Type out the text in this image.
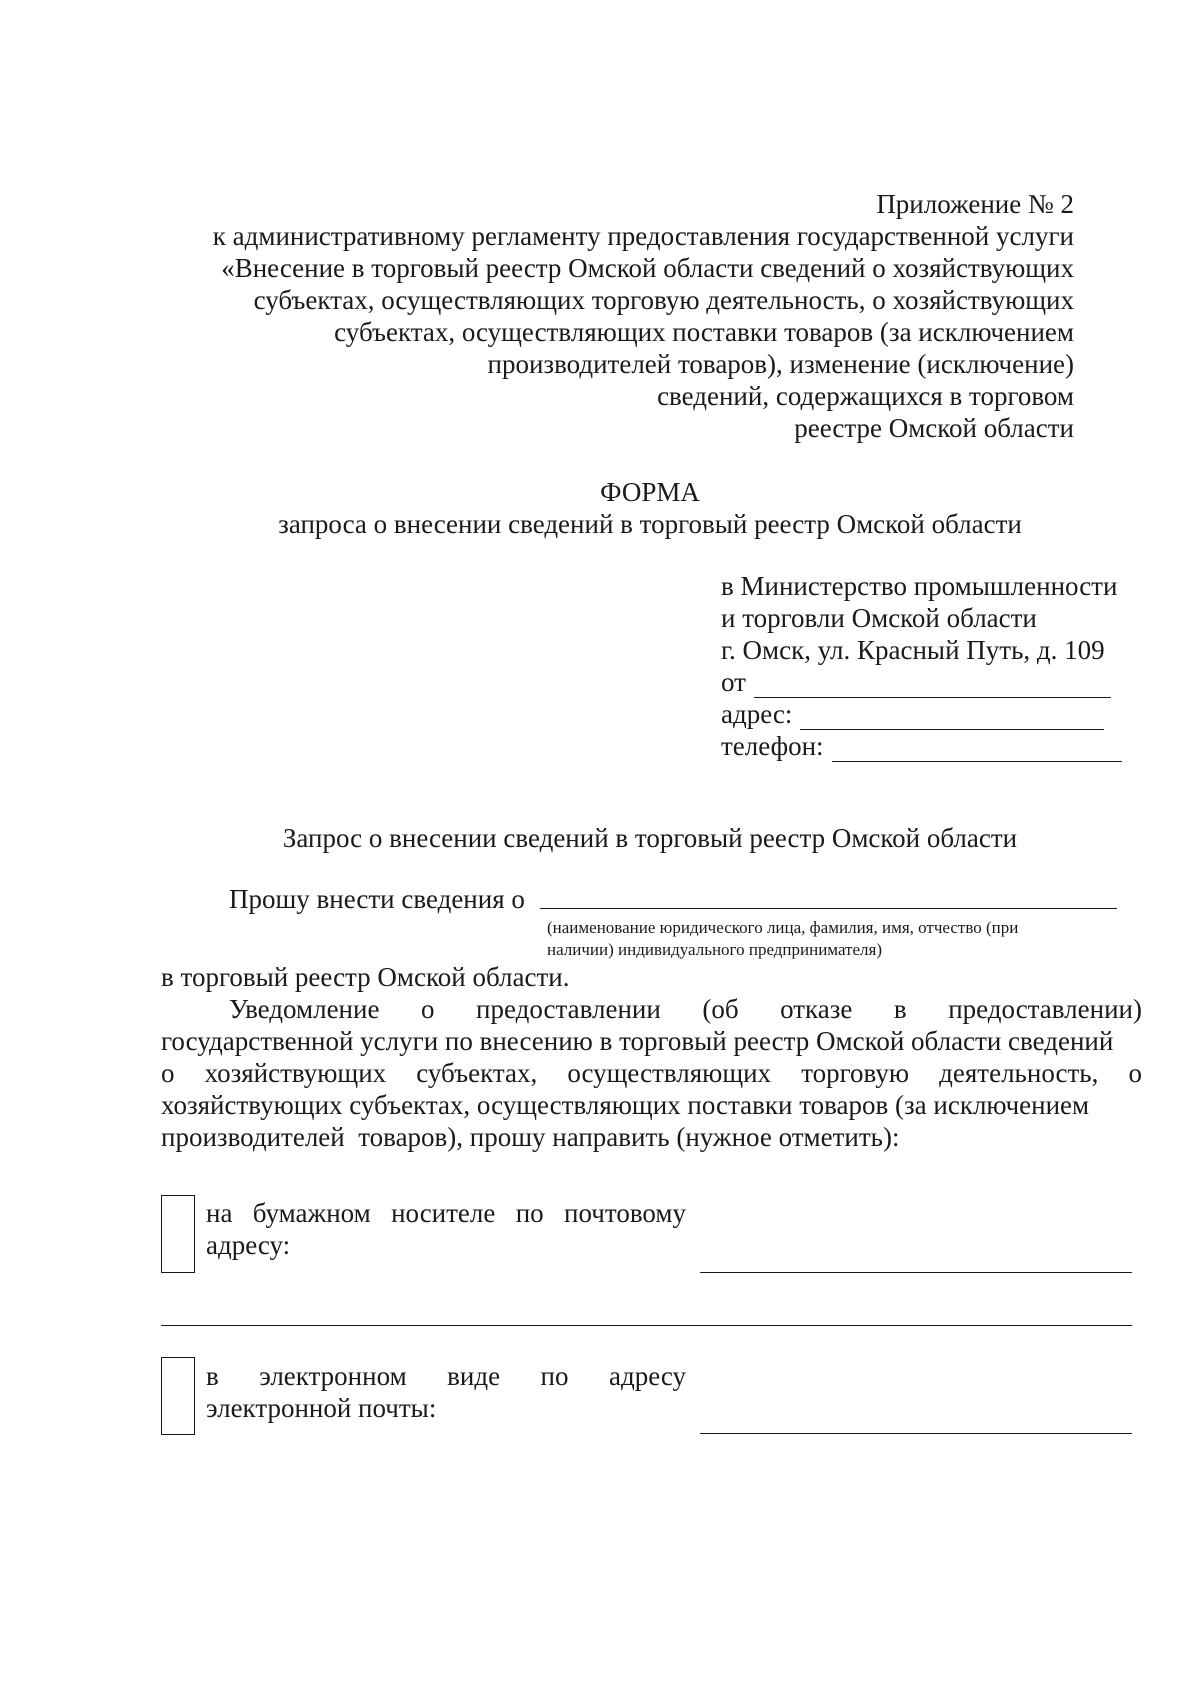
Приложение № 2
к административному регламенту предоставления государственной услуги
«Внесение в торговый реестр Омской области сведений о хозяйствующих
субъектах, осуществляющих торговую деятельность, о хозяйствующих
субъектах, осуществляющих поставки товаров (за исключением
производителей товаров), изменение (исключение)
сведений, содержащихся в торговом
реестре Омской области
ФОРМА
запроса о внесении сведений в торговый реестр Омской области
в Министерство промышленности
и торговли Омской области
г. Омск, ул. Красный Путь, д. 109
от
адрес:
телефон:
Запрос о внесении сведений в торговый реестр Омской области
Прошу внести сведения о
(наименование юридического лица, фамилия, имя, отчество (при
наличии) индивидуального предпринимателя)
в торговый реестр Омской области.
Уведомление о предоставлении (об отказе в предоставлении)
государственной услуги по внесению в торговый реестр Омской области сведений
о хозяйствующих субъектах, осуществляющих торговую деятельность, о
хозяйствующих субъектах, осуществляющих поставки товаров (за исключением
производителей  товаров), прошу направить (нужное отметить):
на бумажном носителе по почтовому
адресу:
в электронном виде по адресу
электронной почты:
